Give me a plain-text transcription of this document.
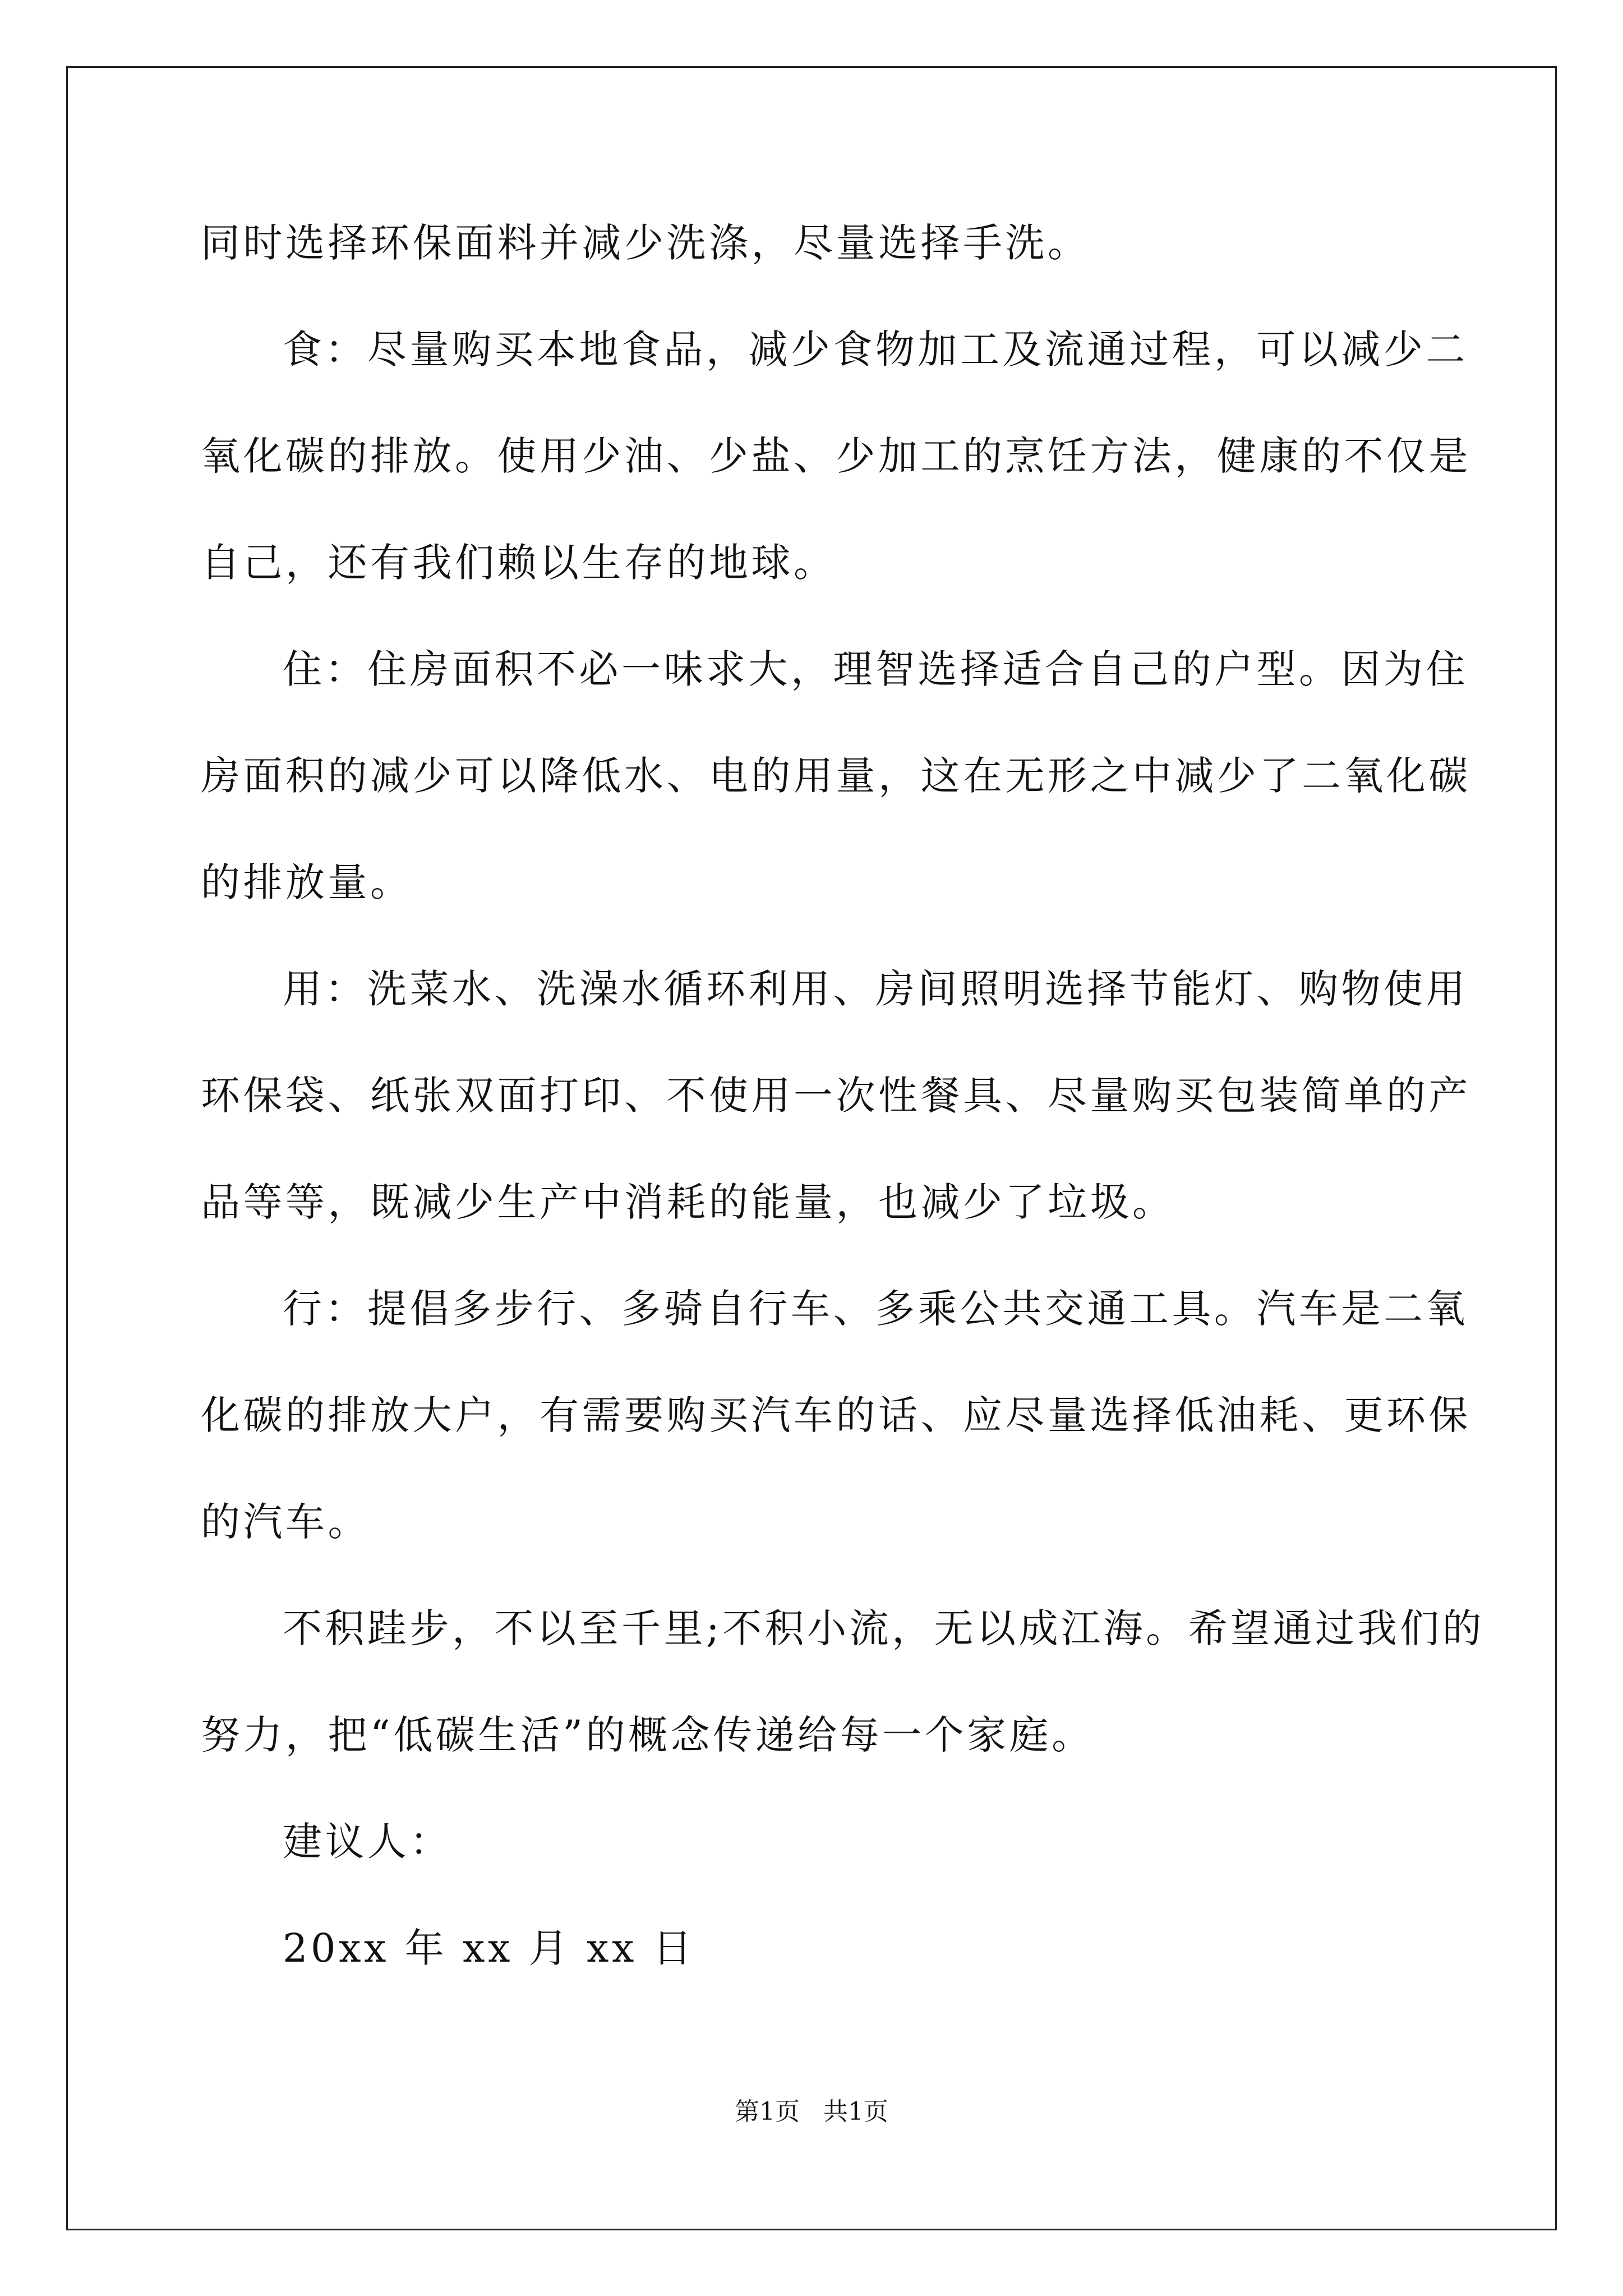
同时选择环保面料并减少洗涤，尽量选择手洗。
食：尽量购买本地食品，减少食物加工及流通过程，可以减少二
氧化碳的排放。使用少油、少盐、少加工的烹饪方法，健康的不仅是
自己，还有我们赖以生存的地球。
住：住房面积不必一味求大，理智选择适合自己的户型。因为住
房面积的减少可以降低水、电的用量，这在无形之中减少了二氧化碳
的排放量。
用：洗菜水、洗澡水循环利用、房间照明选择节能灯、购物使用
环保袋、纸张双面打印、不使用一次性餐具、尽量购买包装简单的产
品等等，既减少生产中消耗的能量，也减少了垃圾。
行：提倡多步行、多骑自行车、多乘公共交通工具。汽车是二氧
化碳的排放大户，有需要购买汽车的话、应尽量选择低油耗、更环保
的汽车。
不积跬步，不以至千里;不积小流，无以成江海。希望通过我们的
努力，把“低碳生活”的概念传递给每一个家庭。
建议人：
20xx 年 xx 月 xx 日
第1页   共1页
